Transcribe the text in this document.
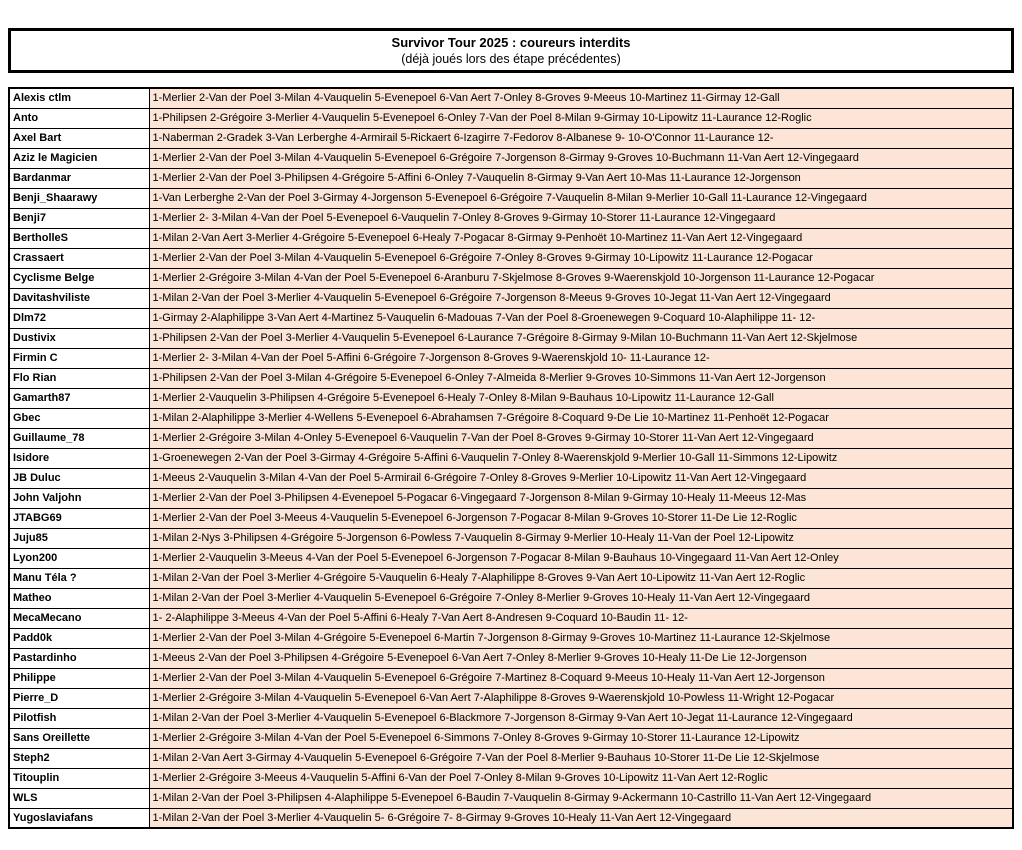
Survivor Tour 2025 : coureurs interdits
(déjà joués lors des étape précédentes)
Alexis ctlm	1-Merlier 2-Van der Poel 3-Milan 4-Vauquelin 5-Evenepoel 6-Van Aert 7-Onley 8-Groves 9-Meeus 10-Martinez 11-Girmay 12-Gall
Anto	1-Philipsen 2-Grégoire 3-Merlier 4-Vauquelin 5-Evenepoel 6-Onley 7-Van der Poel 8-Milan 9-Girmay 10-Lipowitz 11-Laurance 12-Roglic
Axel Bart	1-Naberman 2-Gradek 3-Van Lerberghe 4-Armirail 5-Rickaert 6-Izagirre 7-Fedorov 8-Albanese 9- 10-O'Connor 11-Laurance 12-
Aziz le Magicien	1-Merlier 2-Van der Poel 3-Milan 4-Vauquelin 5-Evenepoel 6-Grégoire 7-Jorgenson 8-Girmay 9-Groves 10-Buchmann 11-Van Aert 12-Vingegaard
Bardanmar	1-Merlier 2-Van der Poel 3-Philipsen 4-Grégoire 5-Affini 6-Onley 7-Vauquelin 8-Girmay 9-Van Aert 10-Mas 11-Laurance 12-Jorgenson
Benji_Shaarawy	1-Van Lerberghe 2-Van der Poel 3-Girmay 4-Jorgenson 5-Evenepoel 6-Grégoire 7-Vauquelin 8-Milan 9-Merlier 10-Gall 11-Laurance 12-Vingegaard
Benji7	1-Merlier 2- 3-Milan 4-Van der Poel 5-Evenepoel 6-Vauquelin 7-Onley 8-Groves 9-Girmay 10-Storer 11-Laurance 12-Vingegaard
BertholleS	1-Milan 2-Van Aert 3-Merlier 4-Grégoire 5-Evenepoel 6-Healy 7-Pogacar 8-Girmay 9-Penhoët 10-Martinez 11-Van Aert 12-Vingegaard
Crassaert	1-Merlier 2-Van der Poel 3-Milan 4-Vauquelin 5-Evenepoel 6-Grégoire 7-Onley 8-Groves 9-Girmay 10-Lipowitz 11-Laurance 12-Pogacar
Cyclisme Belge	1-Merlier 2-Grégoire 3-Milan 4-Van der Poel 5-Evenepoel 6-Aranburu 7-Skjelmose 8-Groves 9-Waerenskjold 10-Jorgenson 11-Laurance 12-Pogacar
Davitashviliste	1-Milan 2-Van der Poel 3-Merlier 4-Vauquelin 5-Evenepoel 6-Grégoire 7-Jorgenson 8-Meeus 9-Groves 10-Jegat 11-Van Aert 12-Vingegaard
Dlm72	1-Girmay 2-Alaphilippe 3-Van Aert 4-Martinez 5-Vauquelin 6-Madouas 7-Van der Poel 8-Groenewegen 9-Coquard 10-Alaphilippe 11- 12-
Dustivix	1-Philipsen 2-Van der Poel 3-Merlier 4-Vauquelin 5-Evenepoel 6-Laurance 7-Grégoire 8-Girmay 9-Milan 10-Buchmann 11-Van Aert 12-Skjelmose
Firmin C	1-Merlier 2- 3-Milan 4-Van der Poel 5-Affini 6-Grégoire 7-Jorgenson 8-Groves 9-Waerenskjold 10- 11-Laurance 12-
Flo Rian	1-Philipsen 2-Van der Poel 3-Milan 4-Grégoire 5-Evenepoel 6-Onley 7-Almeida 8-Merlier 9-Groves 10-Simmons 11-Van Aert 12-Jorgenson
Gamarth87	1-Merlier 2-Vauquelin 3-Philipsen 4-Grégoire 5-Evenepoel 6-Healy 7-Onley 8-Milan 9-Bauhaus 10-Lipowitz 11-Laurance 12-Gall
Gbec	1-Milan 2-Alaphilippe 3-Merlier 4-Wellens 5-Evenepoel 6-Abrahamsen 7-Grégoire 8-Coquard 9-De Lie 10-Martinez 11-Penhoët 12-Pogacar
Guillaume_78	1-Merlier 2-Grégoire 3-Milan 4-Onley 5-Evenepoel 6-Vauquelin 7-Van der Poel 8-Groves 9-Girmay 10-Storer 11-Van Aert 12-Vingegaard
Isidore	1-Groenewegen 2-Van der Poel 3-Girmay 4-Grégoire 5-Affini 6-Vauquelin 7-Onley 8-Waerenskjold 9-Merlier 10-Gall 11-Simmons 12-Lipowitz
JB Duluc	1-Meeus 2-Vauquelin 3-Milan 4-Van der Poel 5-Armirail 6-Grégoire 7-Onley 8-Groves 9-Merlier 10-Lipowitz 11-Van Aert 12-Vingegaard
John Valjohn	1-Merlier 2-Van der Poel 3-Philipsen 4-Evenepoel 5-Pogacar 6-Vingegaard 7-Jorgenson 8-Milan 9-Girmay 10-Healy 11-Meeus 12-Mas
JTABG69	1-Merlier 2-Van der Poel 3-Meeus 4-Vauquelin 5-Evenepoel 6-Jorgenson 7-Pogacar 8-Milan 9-Groves 10-Storer 11-De Lie 12-Roglic
Juju85	1-Milan 2-Nys 3-Philipsen 4-Grégoire 5-Jorgenson 6-Powless 7-Vauquelin 8-Girmay 9-Merlier 10-Healy 11-Van der Poel 12-Lipowitz
Lyon200	1-Merlier 2-Vauquelin 3-Meeus 4-Van der Poel 5-Evenepoel 6-Jorgenson 7-Pogacar 8-Milan 9-Bauhaus 10-Vingegaard 11-Van Aert 12-Onley
Manu Téla ?	1-Milan 2-Van der Poel 3-Merlier 4-Grégoire 5-Vauquelin 6-Healy 7-Alaphilippe 8-Groves 9-Van Aert 10-Lipowitz 11-Van Aert 12-Roglic
Matheo	1-Milan 2-Van der Poel 3-Merlier 4-Vauquelin 5-Evenepoel 6-Grégoire 7-Onley 8-Merlier 9-Groves 10-Healy 11-Van Aert 12-Vingegaard
MecaMecano	1- 2-Alaphilippe 3-Meeus 4-Van der Poel 5-Affini 6-Healy 7-Van Aert 8-Andresen 9-Coquard 10-Baudin 11- 12-
Padd0k	1-Merlier 2-Van der Poel 3-Milan 4-Grégoire 5-Evenepoel 6-Martin 7-Jorgenson 8-Girmay 9-Groves 10-Martinez 11-Laurance 12-Skjelmose
Pastardinho	1-Meeus 2-Van der Poel 3-Philipsen 4-Grégoire 5-Evenepoel 6-Van Aert 7-Onley 8-Merlier 9-Groves 10-Healy 11-De Lie 12-Jorgenson
Philippe	1-Merlier 2-Van der Poel 3-Milan 4-Vauquelin 5-Evenepoel 6-Grégoire 7-Martinez 8-Coquard 9-Meeus 10-Healy 11-Van Aert 12-Jorgenson
Pierre_D	1-Merlier 2-Grégoire 3-Milan 4-Vauquelin 5-Evenepoel 6-Van Aert 7-Alaphilippe 8-Groves 9-Waerenskjold 10-Powless 11-Wright 12-Pogacar
Pilotfish	1-Milan 2-Van der Poel 3-Merlier 4-Vauquelin 5-Evenepoel 6-Blackmore 7-Jorgenson 8-Girmay 9-Van Aert 10-Jegat 11-Laurance 12-Vingegaard
Sans Oreillette	1-Merlier 2-Grégoire 3-Milan 4-Van der Poel 5-Evenepoel 6-Simmons 7-Onley 8-Groves 9-Girmay 10-Storer 11-Laurance 12-Lipowitz
Steph2	1-Milan 2-Van Aert 3-Girmay 4-Vauquelin 5-Evenepoel 6-Grégoire 7-Van der Poel 8-Merlier 9-Bauhaus 10-Storer 11-De Lie 12-Skjelmose
Titouplin	1-Merlier 2-Grégoire 3-Meeus 4-Vauquelin 5-Affini 6-Van der Poel 7-Onley 8-Milan 9-Groves 10-Lipowitz 11-Van Aert 12-Roglic
WLS	1-Milan 2-Van der Poel 3-Philipsen 4-Alaphilippe 5-Evenepoel 6-Baudin 7-Vauquelin 8-Girmay 9-Ackermann 10-Castrillo 11-Van Aert 12-Vingegaard
Yugoslaviafans	1-Milan 2-Van der Poel 3-Merlier 4-Vauquelin 5- 6-Grégoire 7- 8-Girmay 9-Groves 10-Healy 11-Van Aert 12-Vingegaard
